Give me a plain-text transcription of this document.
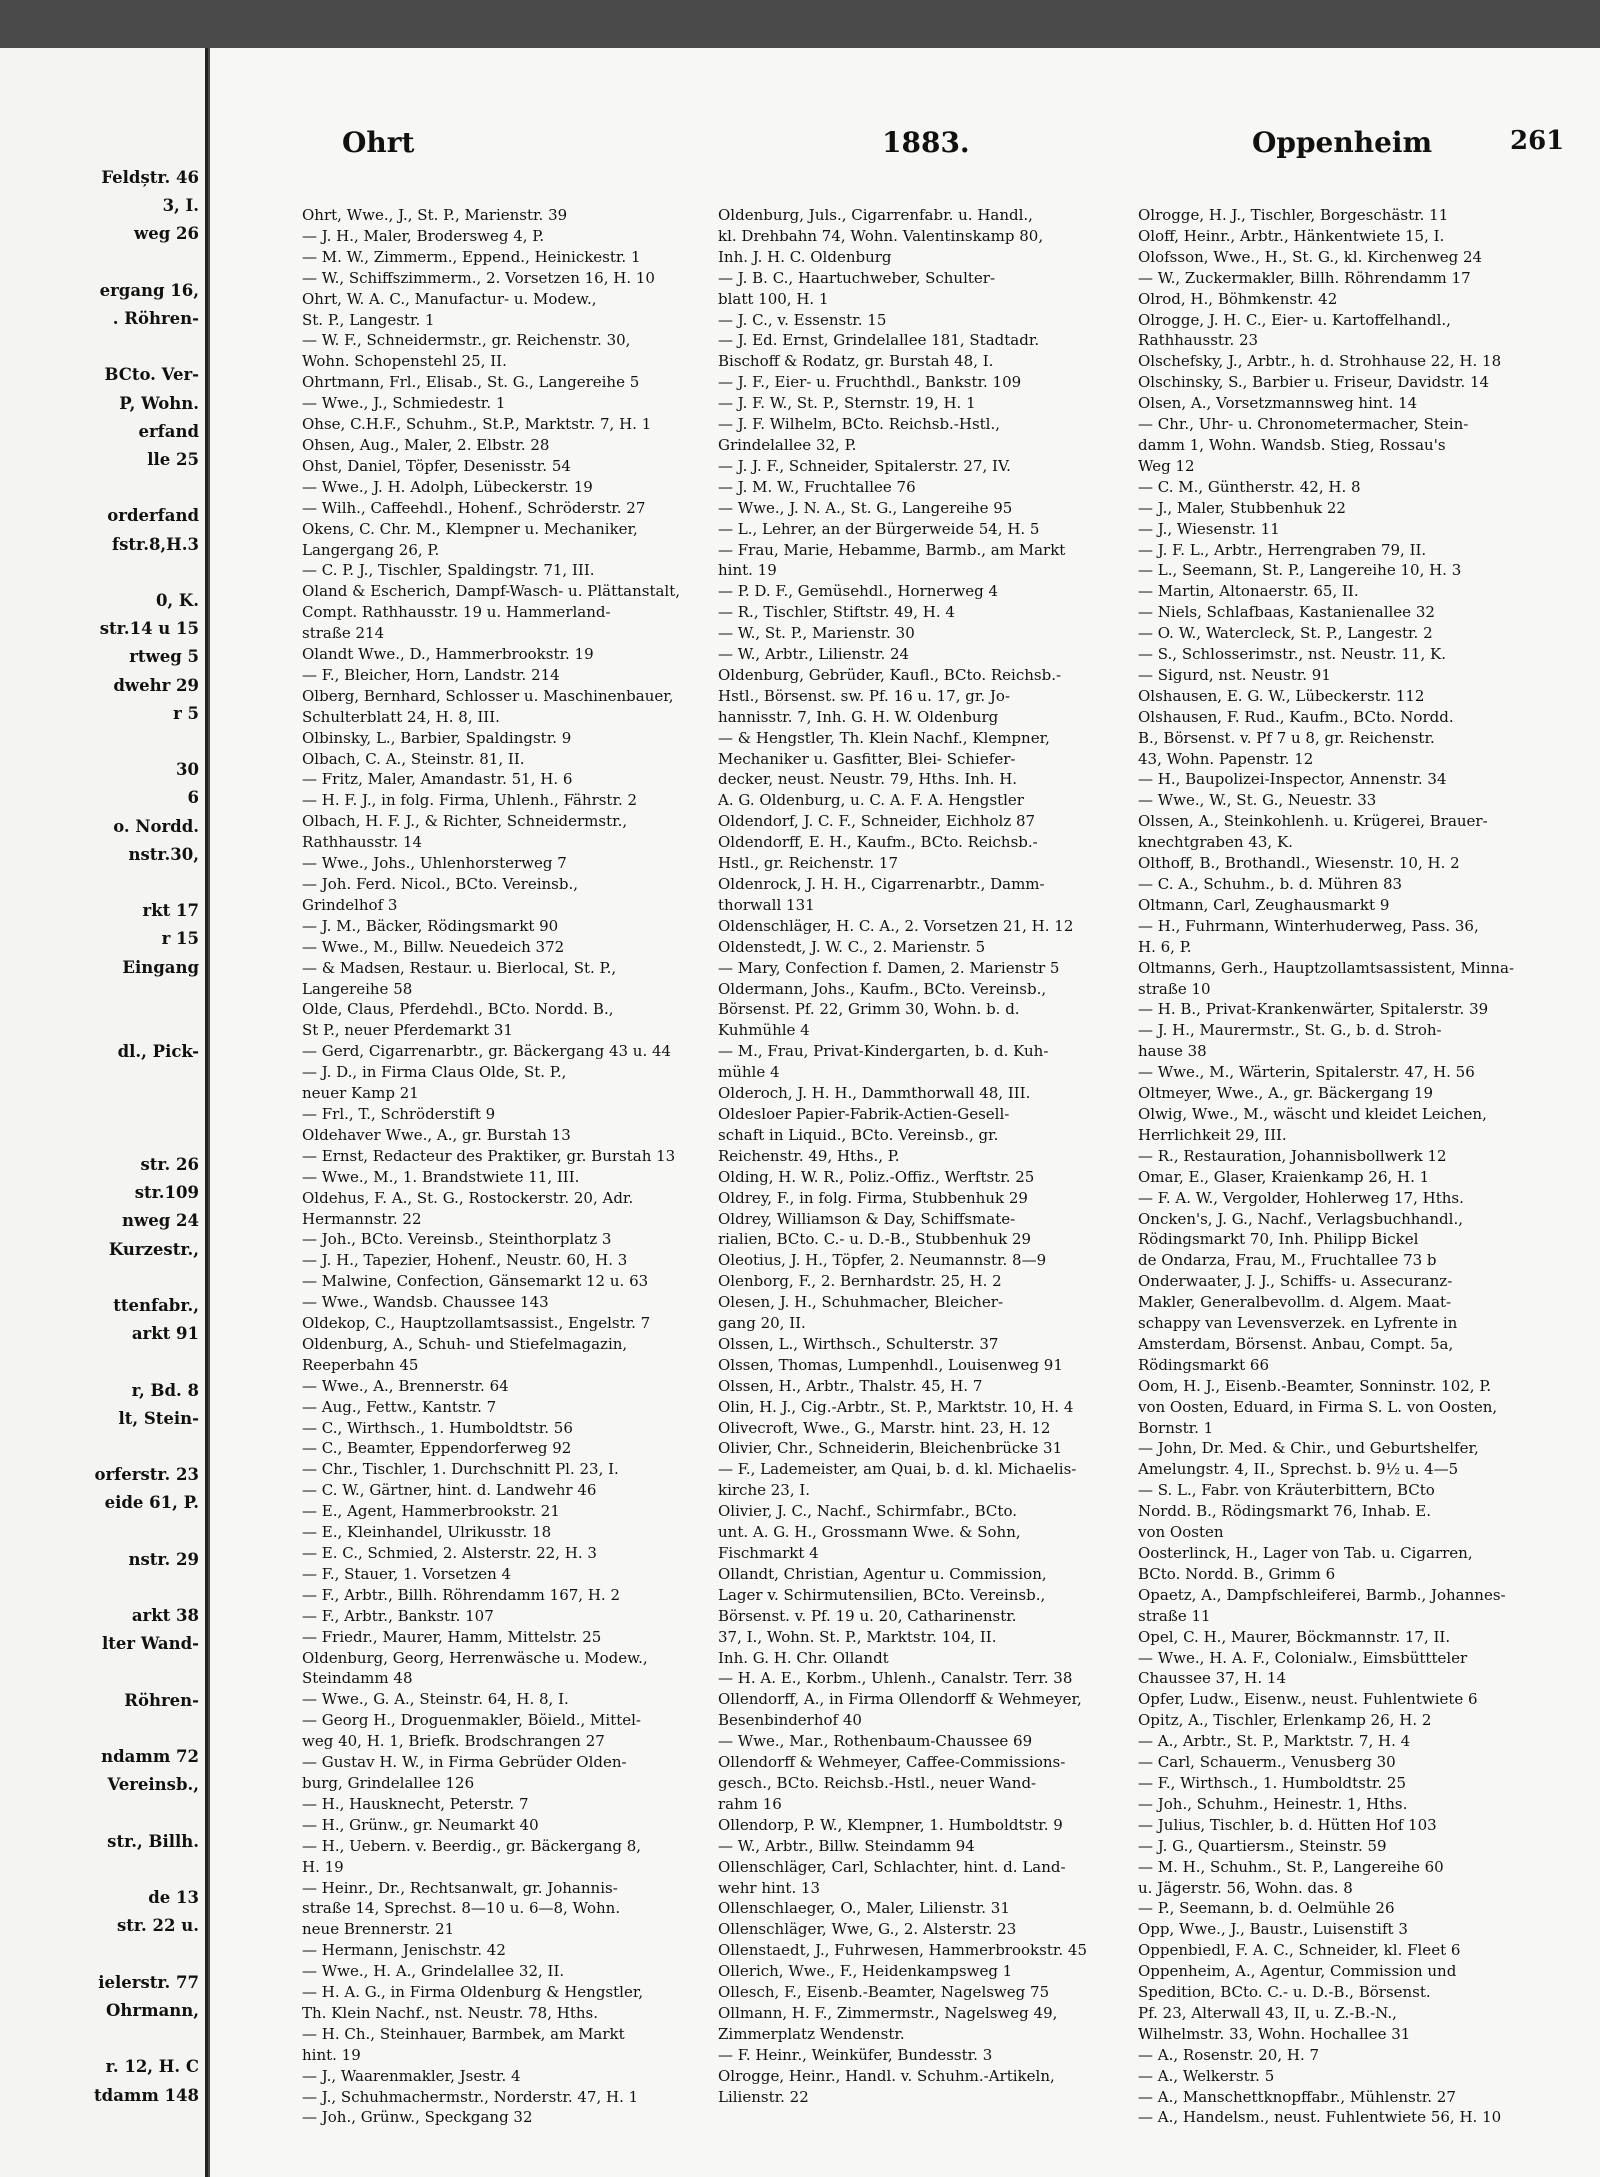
Feldștr. 46
3, I.
weg 26
ergang 16,
. Röhren-
BCto. Ver-
P, Wohn.
erfand
lle 25
orderfand
fstr.8,H.3
0, K.
str.14 u 15
rtweg 5
dwehr 29
r 5
30
6
o. Nordd.
nstr.30,
rkt 17
r 15
Eingang
dl., Pick-
str. 26
str.109
nweg 24
Kurzestr.,
ttenfabr.,
arkt 91
r, Bd. 8
lt, Stein-
orferstr. 23
eide 61, P.
nstr. 29
arkt 38
lter Wand-
Röhren-
ndamm 72
Vereinsb.,
str., Billh.
de 13
str. 22 u.
ielerstr. 77
Ohrmann,
r. 12, H. C
tdamm 148
Ohrt	1883.	Oppenheim	261
Ohrt, Wwe., J., St. P., Marienstr. 39
— J. H., Maler, Brodersweg 4, P.
— M. W., Zimmerm., Eppend., Heinickestr. 1
— W., Schiffszimmerm., 2. Vorsetzen 16, H. 10
Ohrt, W. A. C., Manufactur- u. Modew.,
St. P., Langestr. 1
— W. F., Schneidermstr., gr. Reichenstr. 30,
Wohn. Schopenstehl 25, II.
Ohrtmann, Frl., Elisab., St. G., Langereihe 5
— Wwe., J., Schmiedestr. 1
Ohse, C.H.F., Schuhm., St.P., Marktstr. 7, H. 1
Ohsen, Aug., Maler, 2. Elbstr. 28
Ohst, Daniel, Töpfer, Desenisstr. 54
— Wwe., J. H. Adolph, Lübeckerstr. 19
— Wilh., Caffeehdl., Hohenf., Schröderstr. 27
Okens, C. Chr. M., Klempner u. Mechaniker,
Langergang 26, P.
— C. P. J., Tischler, Spaldingstr. 71, III.
Oland & Escherich, Dampf-Wasch- u. Plättanstalt,
Compt. Rathhausstr. 19 u. Hammerland-
straße 214
Olandt Wwe., D., Hammerbrookstr. 19
— F., Bleicher, Horn, Landstr. 214
Olberg, Bernhard, Schlosser u. Maschinenbauer,
Schulterblatt 24, H. 8, III.
Olbinsky, L., Barbier, Spaldingstr. 9
Olbach, C. A., Steinstr. 81, II.
— Fritz, Maler, Amandastr. 51, H. 6
— H. F. J., in folg. Firma, Uhlenh., Fährstr. 2
Olbach, H. F. J., & Richter, Schneidermstr.,
Rathhausstr. 14
— Wwe., Johs., Uhlenhorsterweg 7
— Joh. Ferd. Nicol., BCto. Vereinsb.,
Grindelhof 3
— J. M., Bäcker, Rödingsmarkt 90
— Wwe., M., Billw. Neuedeich 372
— & Madsen, Restaur. u. Bierlocal, St. P.,
Langereihe 58
Olde, Claus, Pferdehdl., BCto. Nordd. B.,
St P., neuer Pferdemarkt 31
— Gerd, Cigarrenarbtr., gr. Bäckergang 43 u. 44
— J. D., in Firma Claus Olde, St. P.,
neuer Kamp 21
— Frl., T., Schröderstift 9
Oldehaver Wwe., A., gr. Burstah 13
— Ernst, Redacteur des Praktiker, gr. Burstah 13
— Wwe., M., 1. Brandstwiete 11, III.
Oldehus, F. A., St. G., Rostockerstr. 20, Adr.
Hermannstr. 22
— Joh., BCto. Vereinsb., Steinthorplatz 3
— J. H., Tapezier, Hohenf., Neustr. 60, H. 3
— Malwine, Confection, Gänsemarkt 12 u. 63
— Wwe., Wandsb. Chaussee 143
Oldekop, C., Hauptzollamtsassist., Engelstr. 7
Oldenburg, A., Schuh- und Stiefelmagazin,
Reeperbahn 45
— Wwe., A., Brennerstr. 64
— Aug., Fettw., Kantstr. 7
— C., Wirthsch., 1. Humboldtstr. 56
— C., Beamter, Eppendorferweg 92
— Chr., Tischler, 1. Durchschnitt Pl. 23, I.
— C. W., Gärtner, hint. d. Landwehr 46
— E., Agent, Hammerbrookstr. 21
— E., Kleinhandel, Ulrikusstr. 18
— E. C., Schmied, 2. Alsterstr. 22, H. 3
— F., Stauer, 1. Vorsetzen 4
— F., Arbtr., Billh. Röhrendamm 167, H. 2
— F., Arbtr., Bankstr. 107
— Friedr., Maurer, Hamm, Mittelstr. 25
Oldenburg, Georg, Herrenwäsche u. Modew.,
Steindamm 48
— Wwe., G. A., Steinstr. 64, H. 8, I.
— Georg H., Droguenmakler, Böield., Mittel-
weg 40, H. 1, Briefk. Brodschrangen 27
— Gustav H. W., in Firma Gebrüder Olden-
burg, Grindelallee 126
— H., Hausknecht, Peterstr. 7
— H., Grünw., gr. Neumarkt 40
— H., Uebern. v. Beerdig., gr. Bäckergang 8,
H. 19
— Heinr., Dr., Rechtsanwalt, gr. Johannis-
straße 14, Sprechst. 8—10 u. 6—8, Wohn.
neue Brennerstr. 21
— Hermann, Jenischstr. 42
— Wwe., H. A., Grindelallee 32, II.
— H. A. G., in Firma Oldenburg & Hengstler,
Th. Klein Nachf., nst. Neustr. 78, Hths.
— H. Ch., Steinhauer, Barmbek, am Markt
hint. 19
— J., Waarenmakler, Jsestr. 4
— J., Schuhmachermstr., Norderstr. 47, H. 1
— Joh., Grünw., Speckgang 32
Oldenburg, Juls., Cigarrenfabr. u. Handl.,
kl. Drehbahn 74, Wohn. Valentinskamp 80,
Inh. J. H. C. Oldenburg
— J. B. C., Haartuchweber, Schulter-
blatt 100, H. 1
— J. C., v. Essenstr. 15
— J. Ed. Ernst, Grindelallee 181, Stadtadr.
Bischoff & Rodatz, gr. Burstah 48, I.
— J. F., Eier- u. Fruchthdl., Bankstr. 109
— J. F. W., St. P., Sternstr. 19, H. 1
— J. F. Wilhelm, BCto. Reichsb.-Hstl.,
Grindelallee 32, P.
— J. J. F., Schneider, Spitalerstr. 27, IV.
— J. M. W., Fruchtallee 76
— Wwe., J. N. A., St. G., Langereihe 95
— L., Lehrer, an der Bürgerweide 54, H. 5
— Frau, Marie, Hebamme, Barmb., am Markt
hint. 19
— P. D. F., Gemüsehdl., Hornerweg 4
— R., Tischler, Stiftstr. 49, H. 4
— W., St. P., Marienstr. 30
— W., Arbtr., Lilienstr. 24
Oldenburg, Gebrüder, Kaufl., BCto. Reichsb.-
Hstl., Börsenst. sw. Pf. 16 u. 17, gr. Jo-
hannisstr. 7, Inh. G. H. W. Oldenburg
— & Hengstler, Th. Klein Nachf., Klempner,
Mechaniker u. Gasfitter, Blei- Schiefer-
decker, neust. Neustr. 79, Hths. Inh. H.
A. G. Oldenburg, u. C. A. F. A. Hengstler
Oldendorf, J. C. F., Schneider, Eichholz 87
Oldendorff, E. H., Kaufm., BCto. Reichsb.-
Hstl., gr. Reichenstr. 17
Oldenrock, J. H. H., Cigarrenarbtr., Damm-
thorwall 131
Oldenschläger, H. C. A., 2. Vorsetzen 21, H. 12
Oldenstedt, J. W. C., 2. Marienstr. 5
— Mary, Confection f. Damen, 2. Marienstr 5
Oldermann, Johs., Kaufm., BCto. Vereinsb.,
Börsenst. Pf. 22, Grimm 30, Wohn. b. d.
Kuhmühle 4
— M., Frau, Privat-Kindergarten, b. d. Kuh-
mühle 4
Olderoch, J. H. H., Dammthorwall 48, III.
Oldesloer Papier-Fabrik-Actien-Gesell-
schaft in Liquid., BCto. Vereinsb., gr.
Reichenstr. 49, Hths., P.
Olding, H. W. R., Poliz.-Offiz., Werftstr. 25
Oldrey, F., in folg. Firma, Stubbenhuk 29
Oldrey, Williamson & Day, Schiffsmate-
rialien, BCto. C.- u. D.-B., Stubbenhuk 29
Oleotius, J. H., Töpfer, 2. Neumannstr. 8—9
Olenborg, F., 2. Bernhardstr. 25, H. 2
Olesen, J. H., Schuhmacher, Bleicher-
gang 20, II.
Olssen, L., Wirthsch., Schulterstr. 37
Olssen, Thomas, Lumpenhdl., Louisenweg 91
Olssen, H., Arbtr., Thalstr. 45, H. 7
Olin, H. J., Cig.-Arbtr., St. P., Marktstr. 10, H. 4
Olivecroft, Wwe., G., Marstr. hint. 23, H. 12
Olivier, Chr., Schneiderin, Bleichenbrücke 31
— F., Lademeister, am Quai, b. d. kl. Michaelis-
kirche 23, I.
Olivier, J. C., Nachf., Schirmfabr., BCto.
unt. A. G. H., Grossmann Wwe. & Sohn,
Fischmarkt 4
Ollandt, Christian, Agentur u. Commission,
Lager v. Schirmutensilien, BCto. Vereinsb.,
Börsenst. v. Pf. 19 u. 20, Catharinenstr.
37, I., Wohn. St. P., Marktstr. 104, II.
Inh. G. H. Chr. Ollandt
— H. A. E., Korbm., Uhlenh., Canalstr. Terr. 38
Ollendorff, A., in Firma Ollendorff & Wehmeyer,
Besenbinderhof 40
— Wwe., Mar., Rothenbaum-Chaussee 69
Ollendorff & Wehmeyer, Caffee-Commissions-
gesch., BCto. Reichsb.-Hstl., neuer Wand-
rahm 16
Ollendorp, P. W., Klempner, 1. Humboldtstr. 9
— W., Arbtr., Billw. Steindamm 94
Ollenschläger, Carl, Schlachter, hint. d. Land-
wehr hint. 13
Ollenschlaeger, O., Maler, Lilienstr. 31
Ollenschläger, Wwe, G., 2. Alsterstr. 23
Ollenstaedt, J., Fuhrwesen, Hammerbrookstr. 45
Ollerich, Wwe., F., Heidenkampsweg 1
Ollesch, F., Eisenb.-Beamter, Nagelsweg 75
Ollmann, H. F., Zimmermstr., Nagelsweg 49,
Zimmerplatz Wendenstr.
— F. Heinr., Weinküfer, Bundesstr. 3
Olrogge, Heinr., Handl. v. Schuhm.-Artikeln,
Lilienstr. 22
Olrogge, H. J., Tischler, Borgeschästr. 11
Oloff, Heinr., Arbtr., Hänkentwiete 15, I.
Olofsson, Wwe., H., St. G., kl. Kirchenweg 24
— W., Zuckermakler, Billh. Röhrendamm 17
Olrod, H., Böhmkenstr. 42
Olrogge, J. H. C., Eier- u. Kartoffelhandl.,
Rathhausstr. 23
Olschefsky, J., Arbtr., h. d. Strohhause 22, H. 18
Olschinsky, S., Barbier u. Friseur, Davidstr. 14
Olsen, A., Vorsetzmannsweg hint. 14
— Chr., Uhr- u. Chronometermacher, Stein-
damm 1, Wohn. Wandsb. Stieg, Rossau's
Weg 12
— C. M., Güntherstr. 42, H. 8
— J., Maler, Stubbenhuk 22
— J., Wiesenstr. 11
— J. F. L., Arbtr., Herrengraben 79, II.
— L., Seemann, St. P., Langereihe 10, H. 3
— Martin, Altonaerstr. 65, II.
— Niels, Schlafbaas, Kastanienallee 32
— O. W., Watercleck, St. P., Langestr. 2
— S., Schlosserimstr., nst. Neustr. 11, K.
— Sigurd, nst. Neustr. 91
Olshausen, E. G. W., Lübeckerstr. 112
Olshausen, F. Rud., Kaufm., BCto. Nordd.
B., Börsenst. v. Pf 7 u 8, gr. Reichenstr.
43, Wohn. Papenstr. 12
— H., Baupolizei-Inspector, Annenstr. 34
— Wwe., W., St. G., Neuestr. 33
Olssen, A., Steinkohlenh. u. Krügerei, Brauer-
knechtgraben 43, K.
Olthoff, B., Brothandl., Wiesenstr. 10, H. 2
— C. A., Schuhm., b. d. Mühren 83
Oltmann, Carl, Zeughausmarkt 9
— H., Fuhrmann, Winterhuderweg, Pass. 36,
H. 6, P.
Oltmanns, Gerh., Hauptzollamtsassistent, Minna-
straße 10
— H. B., Privat-Krankenwärter, Spitalerstr. 39
— J. H., Maurermstr., St. G., b. d. Stroh-
hause 38
— Wwe., M., Wärterin, Spitalerstr. 47, H. 56
Oltmeyer, Wwe., A., gr. Bäckergang 19
Olwig, Wwe., M., wäscht und kleidet Leichen,
Herrlichkeit 29, III.
— R., Restauration, Johannisbollwerk 12
Omar, E., Glaser, Kraienkamp 26, H. 1
— F. A. W., Vergolder, Hohlerweg 17, Hths.
Oncken's, J. G., Nachf., Verlagsbuchhandl.,
Rödingsmarkt 70, Inh. Philipp Bickel
de Ondarza, Frau, M., Fruchtallee 73 b
Onderwaater, J. J., Schiffs- u. Assecuranz-
Makler, Generalbevollm. d. Algem. Maat-
schappy van Levensverzek. en Lyfrente in
Amsterdam, Börsenst. Anbau, Compt. 5a,
Rödingsmarkt 66
Oom, H. J., Eisenb.-Beamter, Sonninstr. 102, P.
von Oosten, Eduard, in Firma S. L. von Oosten,
Bornstr. 1
— John, Dr. Med. & Chir., und Geburtshelfer,
Amelungstr. 4, II., Sprechst. b. 9½ u. 4—5
— S. L., Fabr. von Kräuterbittern, BCto
Nordd. B., Rödingsmarkt 76, Inhab. E.
von Oosten
Oosterlinck, H., Lager von Tab. u. Cigarren,
BCto. Nordd. B., Grimm 6
Opaetz, A., Dampfschleiferei, Barmb., Johannes-
straße 11
Opel, C. H., Maurer, Böckmannstr. 17, II.
— Wwe., H. A. F., Colonialw., Eimsbüttteler
Chaussee 37, H. 14
Opfer, Ludw., Eisenw., neust. Fuhlentwiete 6
Opitz, A., Tischler, Erlenkamp 26, H. 2
— A., Arbtr., St. P., Marktstr. 7, H. 4
— Carl, Schauerm., Venusberg 30
— F., Wirthsch., 1. Humboldtstr. 25
— Joh., Schuhm., Heinestr. 1, Hths.
— Julius, Tischler, b. d. Hütten Hof 103
— J. G., Quartiersm., Steinstr. 59
— M. H., Schuhm., St. P., Langereihe 60
u. Jägerstr. 56, Wohn. das. 8
— P., Seemann, b. d. Oelmühle 26
Opp, Wwe., J., Baustr., Luisenstift 3
Oppenbiedl, F. A. C., Schneider, kl. Fleet 6
Oppenheim, A., Agentur, Commission und
Spedition, BCto. C.- u. D.-B., Börsenst.
Pf. 23, Alterwall 43, II, u. Z.-B.-N.,
Wilhelmstr. 33, Wohn. Hochallee 31
— A., Rosenstr. 20, H. 7
— A., Welkerstr. 5
— A., Manschettknopffabr., Mühlenstr. 27
— A., Handelsm., neust. Fuhlentwiete 56, H. 10
